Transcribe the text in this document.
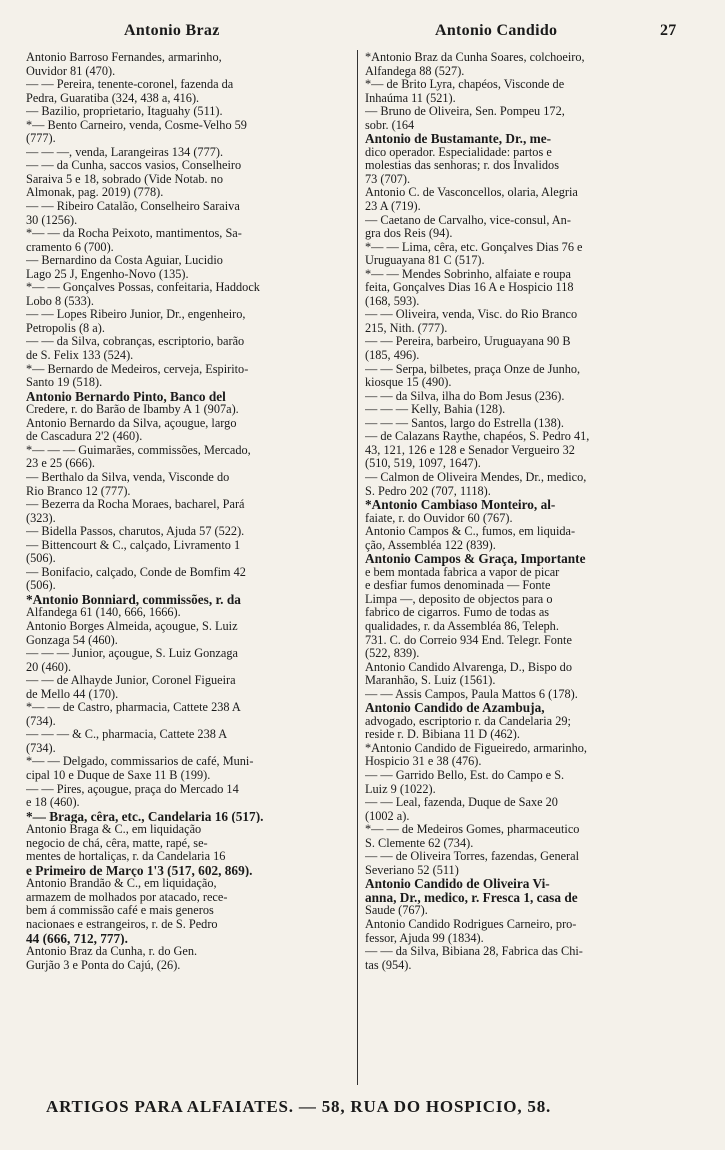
Antonio Braz	Antonio Candido	27

Antonio Barroso Fernandes, armarinho,

Ouvidor 81 (470).

— — Pereira, tenente-coronel, fazenda da

Pedra, Guaratiba (324, 438 a, 416).

— Bazilio, proprietario, Itaguahy (511).

*— Bento Carneiro, venda, Cosme-Velho 59

(777).

— — —, venda, Larangeiras 134 (777).

— — da Cunha, saccos vasios, Conselheiro

Saraiva 5 e 18, sobrado (Vide Notab. no

Almonak, pag. 2019) (778).

— — Ribeiro Catalão, Conselheiro Saraiva

30 (1256).

*— — da Rocha Peixoto, mantimentos, Sa-

cramento 6 (700).

— Bernardino da Costa Aguiar, Lucidio

Lago 25 J, Engenho-Novo (135).

*— — Gonçalves Possas, confeitaria, Haddock

Lobo 8 (533).

— — Lopes Ribeiro Junior, Dr., engenheiro,

Petropolis (8 a).

— — da Silva, cobranças, escriptorio, barão

de S. Felix 133 (524).

*— Bernardo de Medeiros, cerveja, Espirito-

Santo 19 (518).

Antonio Bernardo Pinto, Banco del

Credere, r. do Barão de Ibamby A 1 (907a).

Antonio Bernardo da Silva, açougue, largo

de Cascadura 2'2 (460).

*— — — Guimarães, commissões, Mercado,

23 e 25 (666).

— Berthalo da Silva, venda, Visconde do

Rio Branco 12 (777).

— Bezerra da Rocha Moraes, bacharel, Pará

(323).

— Bidella Passos, charutos, Ajuda 57 (522).

— Bittencourt & C., calçado, Livramento 1

(506).

— Bonifacio, calçado, Conde de Bomfim 42

(506).

*Antonio Bonniard, commissões, r. da

Alfandega 61 (140, 666, 1666).

Antonio Borges Almeida, açougue, S. Luiz

Gonzaga 54 (460).

— — — Junior, açougue, S. Luiz Gonzaga

20 (460).

— — de Alhayde Junior, Coronel Figueira

de Mello 44 (170).

*— — de Castro, pharmacia, Cattete 238 A

(734).

— — — & C., pharmacia, Cattete 238 A

(734).

*— — Delgado, commissarios de café, Muni-

cipal 10 e Duque de Saxe 11 B (199).

— — Pires, açougue, praça do Mercado 14

e 18 (460).

*— Braga, cêra, etc., Candelaria 16 (517).

Antonio Braga & C., em liquidação

negocio de chá, cêra, matte, rapé, se-

mentes de hortaliças, r. da Candelaria 16

e Primeiro de Março 1'3 (517, 602, 869).

Antonio Brandão & C., em liquidação,

armazem de molhados por atacado, rece-

bem á commissão café e mais generos

nacionaes e estrangeiros, r. de S. Pedro

44 (666, 712, 777).

Antonio Braz da Cunha, r. do Gen.

Gurjão 3 e Ponta do Cajú, (26).

*Antonio Braz da Cunha Soares, colchoeiro,

Alfandega 88 (527).

*— de Brito Lyra, chapéos, Visconde de

Inhaúma 11 (521).

— Bruno de Oliveira, Sen. Pompeu 172,

sobr. (164

Antonio de Bustamante, Dr., me-

dico operador. Especialidade: partos e

molestias das senhoras; r. dos Invalidos

73 (707).

Antonio C. de Vasconcellos, olaria, Alegria

23 A (719).

— Caetano de Carvalho, vice-consul, An-

gra dos Reis (94).

*— — Lima, cêra, etc. Gonçalves Dias 76 e

Uruguayana 81 C (517).

*— — Mendes Sobrinho, alfaiate e roupa

feita, Gonçalves Dias 16 A e Hospicio 118

(168, 593).

— — Oliveira, venda, Visc. do Rio Branco

215, Nith. (777).

— — Pereira, barbeiro, Uruguayana 90 B

(185, 496).

— — Serpa, bilbetes, praça Onze de Junho,

kiosque 15 (490).

— — da Silva, ilha do Bom Jesus (236).

— — — Kelly, Bahia (128).

— — — Santos, largo do Estrella (138).

— de Calazans Raythe, chapéos, S. Pedro 41,

43, 121, 126 e 128 e Senador Vergueiro 32

(510, 519, 1097, 1647).

— Calmon de Oliveira Mendes, Dr., medico,

S. Pedro 202 (707, 1118).

*Antonio Cambiaso Monteiro, al-

faiate, r. do Ouvidor 60 (767).

Antonio Campos & C., fumos, em liquida-

ção, Assembléa 122 (839).

Antonio Campos & Graça, Importante

e bem montada fabrica a vapor de picar

e desfiar fumos denominada — Fonte

Limpa —, deposito de objectos para o

fabrico de cigarros. Fumo de todas as

qualidades, r. da Assembléa 86, Teleph.

731. C. do Correio 934 End. Telegr. Fonte

(522, 839).

Antonio Candido Alvarenga, D., Bispo do

Maranhão, S. Luiz (1561).

— — Assis Campos, Paula Mattos 6 (178).

Antonio Candido de Azambuja,

advogado, escriptorio r. da Candelaria 29;

reside r. D. Bibiana 11 D (462).

*Antonio Candido de Figueiredo, armarinho,

Hospicio 31 e 38 (476).

— — Garrido Bello, Est. do Campo e S.

Luiz 9 (1022).

— — Leal, fazenda, Duque de Saxe 20

(1002 a).

*— — de Medeiros Gomes, pharmaceutico

S. Clemente 62 (734).

— — de Oliveira Torres, fazendas, General

Severiano 52 (511)

Antonio Candido de Oliveira Vi-

anna, Dr., medico, r. Fresca 1, casa de

Saude (767).

Antonio Candido Rodrigues Carneiro, pro-

fessor, Ajuda 99 (1834).

— — da Silva, Bibiana 28, Fabrica das Chi-

tas (954).

ARTIGOS PARA ALFAIATES. — 58, RUA DO HOSPICIO, 58.
